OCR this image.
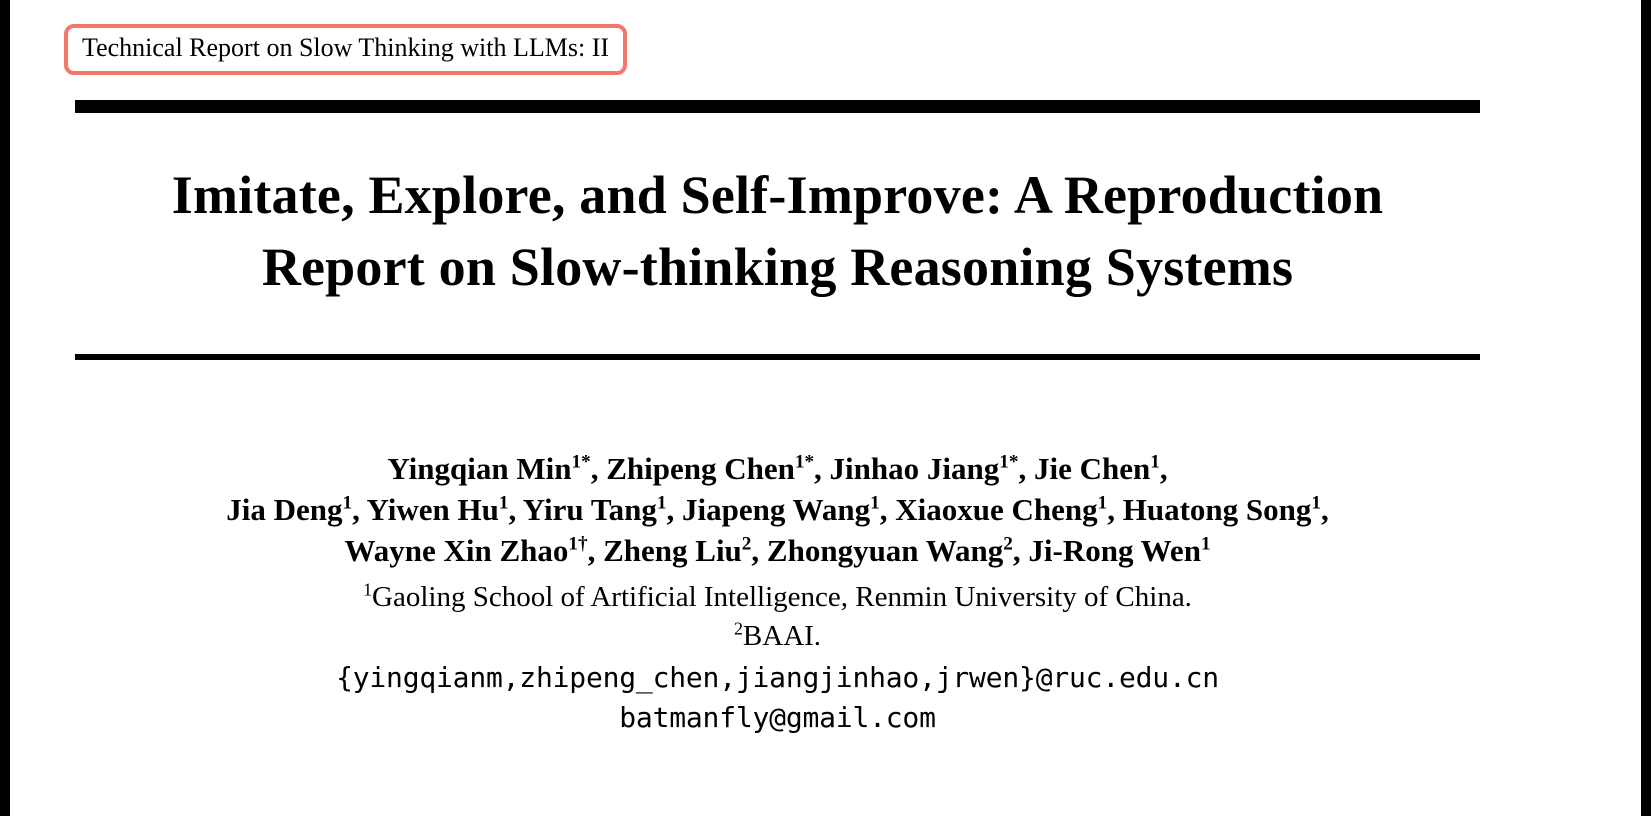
Technical Report on Slow Thinking with LLMs: II
Imitate, Explore, and Self-Improve: A Reproduction
Report on Slow-thinking Reasoning Systems
Yingqian Min$^{1*}$, Zhipeng Chen$^{1*}$, Jinhao Jiang$^{1*}$, Jie Chen$^1$,
Jia Deng$^1$, Yiwen Hu$^1$, Yiru Tang$^1$, Jiapeng Wang$^1$, Xiaoxue Cheng$^1$, Huatong Song$^1$,
Wayne Xin Zhao$^{1\dagger}$, Zheng Liu$^2$, Zhongyuan Wang$^2$, Ji-Rong Wen$^1$
$^1$Gaoling School of Artificial Intelligence, Renmin University of China.
$^2$BAAI.
{yingqianm,zhipeng_chen,jiangjinhao,jrwen}@ruc.edu.cn
batmanfly@gmail.com
